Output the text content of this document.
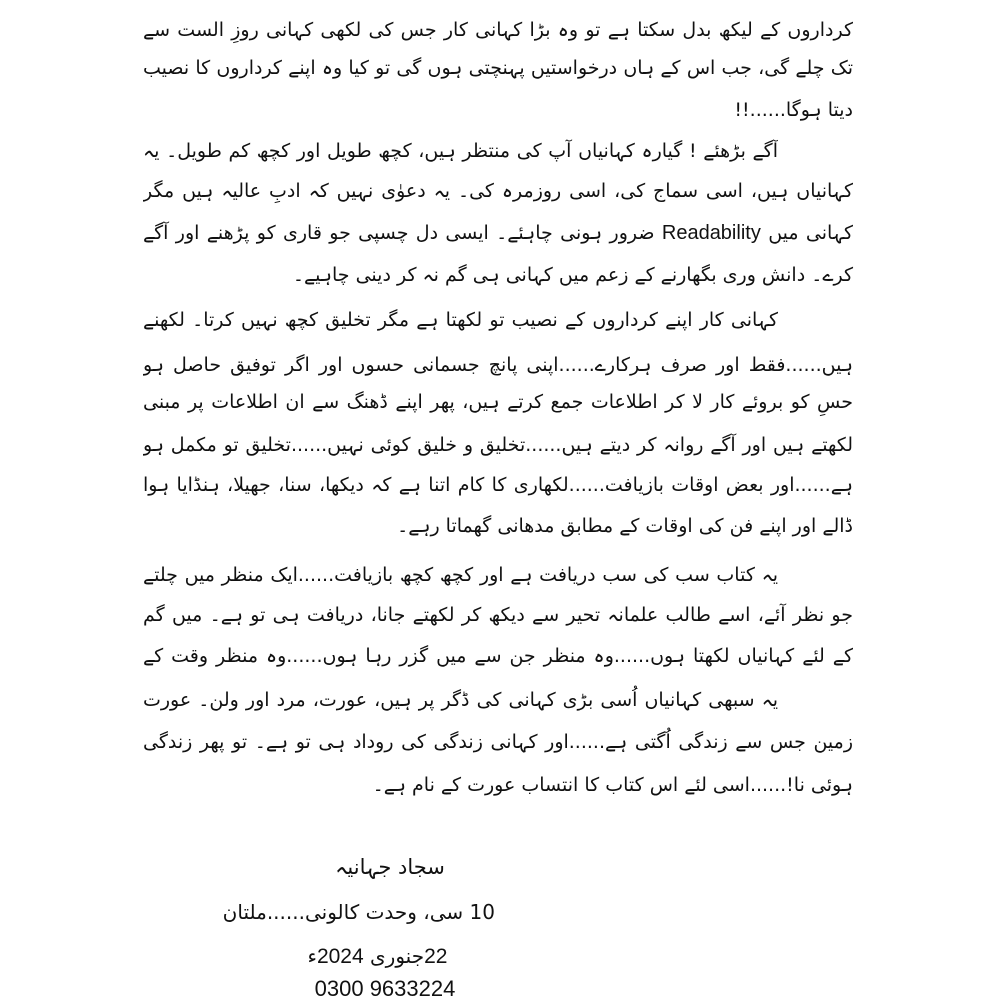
کرداروں کے لیکھ بدل سکتا ہے تو وہ بڑا کہانی کار جس کی لکھی کہانی روزِ الست سے
تک چلے گی، جب اس کے ہاں درخواستیں پہنچتی ہوں گی تو کیا وہ اپنے کرداروں کا نصیب
دیتا ہوگا......!!
آگے بڑھئے ! گیارہ کہانیاں آپ کی منتظر ہیں، کچھ طویل اور کچھ کم طویل۔ یہ
کہانیاں ہیں، اسی سماج کی، اسی روزمرہ کی۔ یہ دعوٰی نہیں کہ ادبِ عالیہ ہیں مگر
کہانی میں Readability ضرور ہونی چاہئے۔ ایسی دل چسپی جو قاری کو پڑھنے اور آگے
کرے۔ دانش وری بگھارنے کے زعم میں کہانی ہی گم نہ کر دینی چاہیے۔
کہانی کار اپنے کرداروں کے نصیب تو لکھتا ہے مگر تخلیق کچھ نہیں کرتا۔ لکھنے
ہیں......فقط اور صرف ہرکارے......اپنی پانچ جسمانی حسوں اور اگر توفیق حاصل ہو
حسِ کو بروئے کار لا کر اطلاعات جمع کرتے ہیں، پھر اپنے ڈھنگ سے ان اطلاعات پر مبنی
لکھتے ہیں اور آگے روانہ کر دیتے ہیں......تخلیق و خلیق کوئی نہیں......تخلیق تو مکمل ہو
ہے......اور بعض اوقات بازیافت......لکھاری کا کام اتنا ہے کہ دیکھا، سنا، جھیلا، ہنڈایا ہوا
ڈالے اور اپنے فن کی اوقات کے مطابق مدھانی گھماتا رہے۔
یہ کتاب سب کی سب دریافت ہے اور کچھ کچھ بازیافت......ایک منظر میں چلتے
جو نظر آئے، اسے طالب علمانہ تحیر سے دیکھ کر لکھتے جانا، دریافت ہی تو ہے۔ میں گم
کے لئے کہانیاں لکھتا ہوں......وہ منظر جن سے میں گزر رہا ہوں......وہ منظر وقت کے
یہ سبھی کہانیاں اُسی بڑی کہانی کی ڈگر پر ہیں، عورت، مرد اور ولن۔ عورت
زمین جس سے زندگی اُگتی ہے......اور کہانی زندگی کی روداد ہی تو ہے۔ تو پھر زندگی
ہوئی نا!......اسی لئے اس کتاب کا انتساب عورت کے نام ہے۔
سجاد جہانیہ
10 سی، وحدت کالونی......ملتان
22جنوری 2024ء
0300 9633224
